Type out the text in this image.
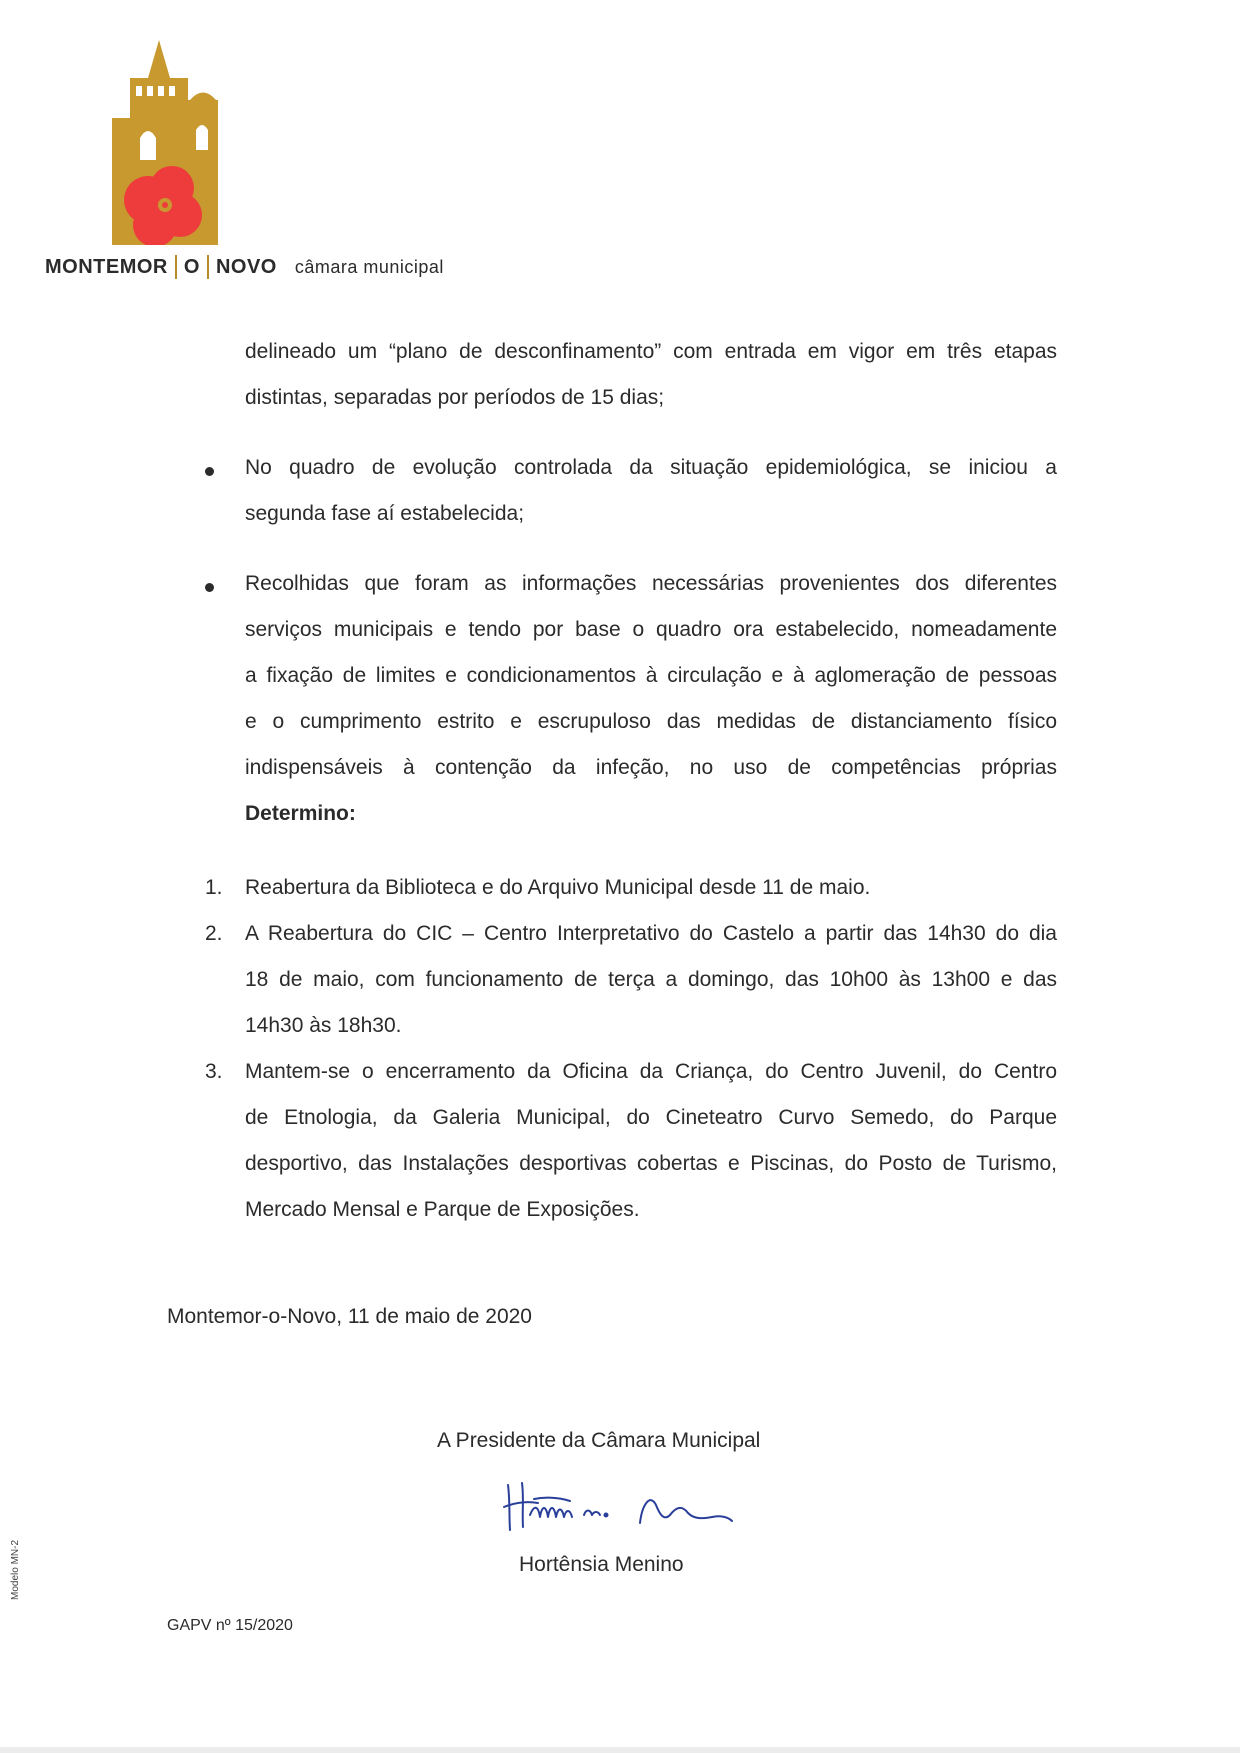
MONTEMOR O NOVO câmara municipal
delineado um “plano de desconfinamento” com entrada em vigor em três etapas
distintas, separadas por períodos de 15 dias;
No quadro de evolução controlada da situação epidemiológica, se iniciou a
segunda fase aí estabelecida;
Recolhidas que foram as informações necessárias provenientes dos diferentes
serviços municipais e tendo por base o quadro ora estabelecido, nomeadamente
a fixação de limites e condicionamentos à circulação e à aglomeração de pessoas
e o cumprimento estrito e escrupuloso das medidas de distanciamento físico
indispensáveis à contenção da infeção, no uso de competências próprias
Determino:
1. Reabertura da Biblioteca e do Arquivo Municipal desde 11 de maio.
2. A Reabertura do CIC – Centro Interpretativo do Castelo a partir das 14h30 do dia
18 de maio, com funcionamento de terça a domingo, das 10h00 às 13h00 e das
14h30 às 18h30.
3. Mantem-se o encerramento da Oficina da Criança, do Centro Juvenil, do Centro
de Etnologia, da Galeria Municipal, do Cineteatro Curvo Semedo, do Parque
desportivo, das Instalações desportivas cobertas e Piscinas, do Posto de Turismo,
Mercado Mensal e Parque de Exposições.
Montemor-o-Novo, 11 de maio de 2020
A Presidente da Câmara Municipal
Hortênsia Menino
GAPV nº 15/2020
Modelo MN-2
